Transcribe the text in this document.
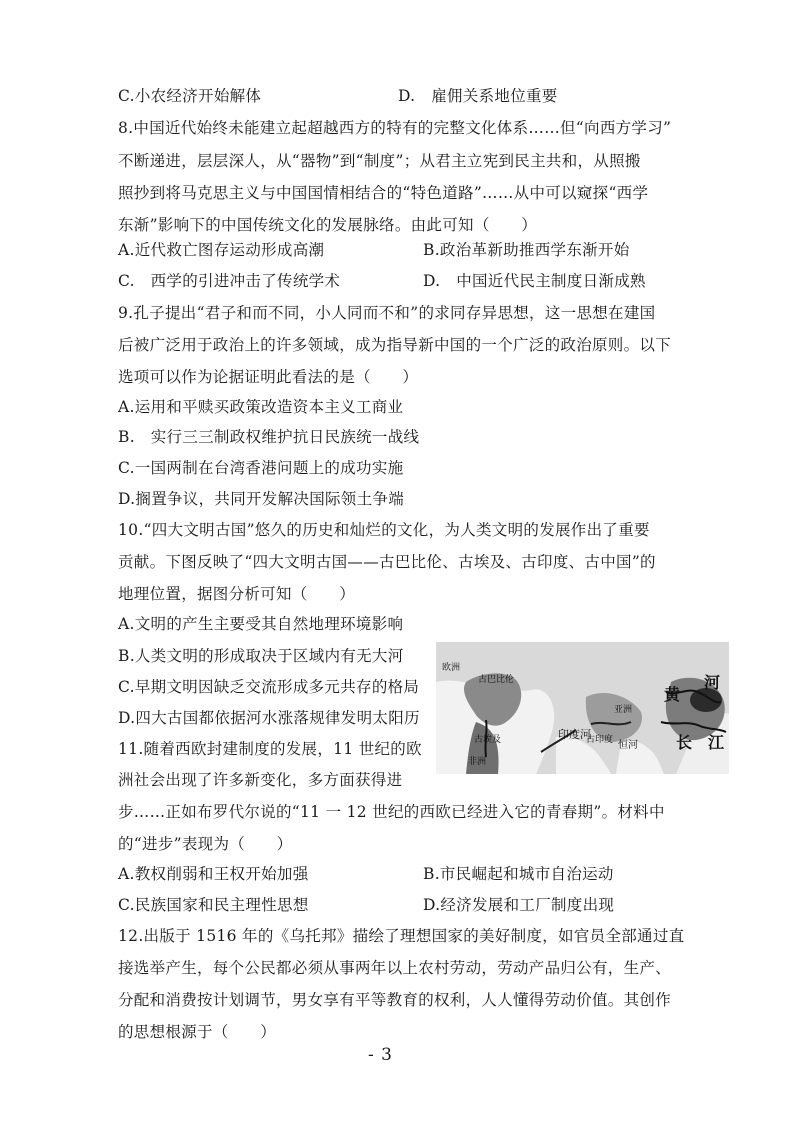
C.小农经济开始解体	D.　雇佣关系地位重要
8.中国近代始终未能建立起超越西方的特有的完整文化体系……但“向西方学习”
不断递进，层层深人，从“器物”到“制度”；从君主立宪到民主共和，从照搬
照抄到将马克思主义与中国国情相结合的“特色道路”……从中可以窥探“西学
东渐”影响下的中国传统文化的发展脉络。由此可知（　　）
A.近代救亡图存运动形成高潮	B.政治革新助推西学东渐开始
C.　西学的引进冲击了传统学术	D.　中国近代民主制度日渐成熟
9.孔子提出“君子和而不同，小人同而不和”的求同存异思想，这一思想在建国
后被广泛用于政治上的许多领域，成为指导新中国的一个广泛的政治原则。以下
选项可以作为论据证明此看法的是（　　）
A.运用和平赎买政策改造资本主义工商业
B.　实行三三制政权维护抗日民族统一战线
C.一国两制在台湾香港问题上的成功实施
D.搁置争议，共同开发解决国际领土争端
10.“四大文明古国”悠久的历史和灿烂的文化，为人类文明的发展作出了重要
贡献。下图反映了“四大文明古国——古巴比伦、古埃及、古印度、古中国”的
地理位置，据图分析可知（　　）
A.文明的产生主要受其自然地理环境影响
B.人类文明的形成取决于区域内有无大河
C.早期文明因缺乏交流形成多元共存的格局
D.四大古国都依据河水涨落规律发明太阳历
欧洲
亚洲
非洲
古巴比伦
古埃及	印度河
古印度 恒河
黄
河
长 江
11.随着西欧封建制度的发展，11 世纪的欧
洲社会出现了许多新变化，多方面获得进
步……正如布罗代尔说的“11 一 12 世纪的西欧已经进入它的青春期”。材料中
的“进步”表现为（　　）
A.教权削弱和王权开始加强	B.市民崛起和城市自治运动
C.民族国家和民主理性思想	D.经济发展和工厂制度出现
12.出版于 1516 年的《乌托邦》描绘了理想国家的美好制度，如官员全部通过直
接选举产生，每个公民都必须从事两年以上农村劳动，劳动产品归公有，生产、
分配和消费按计划调节，男女享有平等教育的权利，人人懂得劳动价值。其创作
的思想根源于（　　）
- 3
